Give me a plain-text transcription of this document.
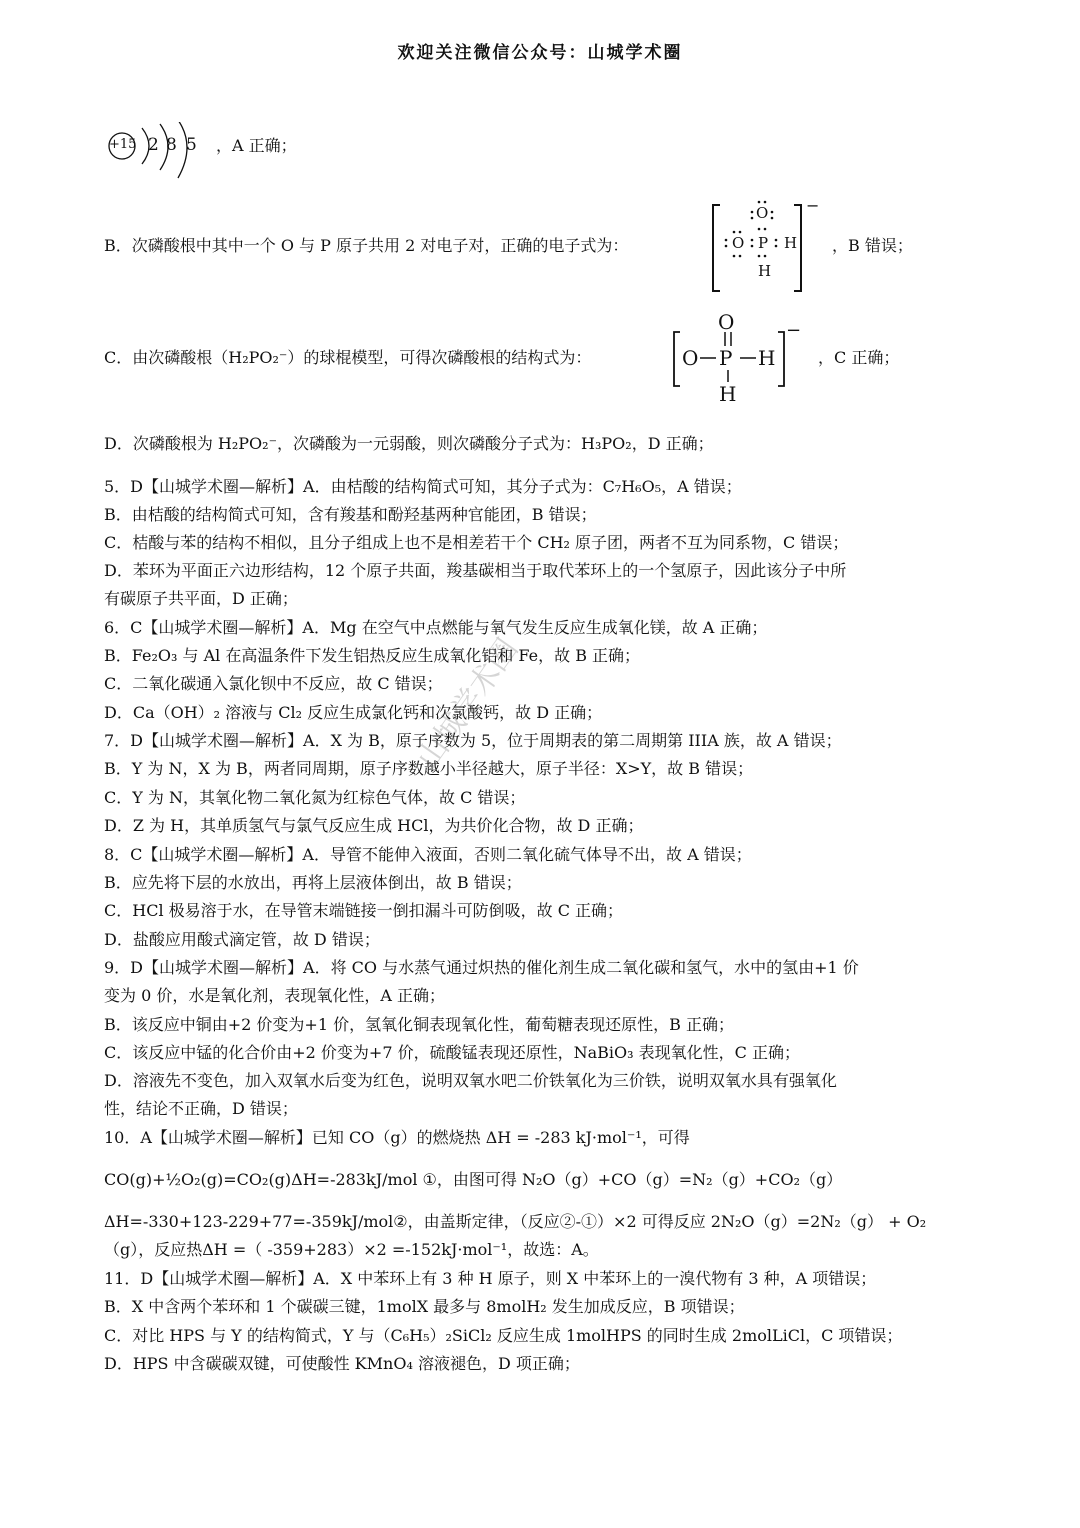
欢迎关注微信公众号：山城学术圈
山城学术圈
+15 2 8 5 ，A 正确；
B．次磷酸根中其中一个 O 与 P 原子共用 2 对电子对，正确的电子式为：
−
O
O P H
H
，B 错误；
C．由次磷酸根（H₂PO₂⁻）的球棍模型，可得次磷酸根的结构式为：
−
O
O P H
H
，C 正确；
D．次磷酸根为 H₂PO₂⁻，次磷酸为一元弱酸，则次磷酸分子式为：H₃PO₂，D 正确；
5．D【山城学术圈—解析】A．由桔酸的结构简式可知，其分子式为：C₇H₆O₅，A 错误；
B．由桔酸的结构简式可知，含有羧基和酚羟基两种官能团，B 错误；
C．桔酸与苯的结构不相似，且分子组成上也不是相差若干个 CH₂ 原子团，两者不互为同系物，C 错误；
D．苯环为平面正六边形结构，12 个原子共面，羧基碳相当于取代苯环上的一个氢原子，因此该分子中所
有碳原子共平面，D 正确；
6．C【山城学术圈—解析】A．Mg 在空气中点燃能与氧气发生反应生成氧化镁，故 A 正确；
B．Fe₂O₃ 与 Al 在高温条件下发生铝热反应生成氧化铝和 Fe，故 B 正确；
C．二氧化碳通入氯化钡中不反应，故 C 错误；
D．Ca（OH）₂ 溶液与 Cl₂ 反应生成氯化钙和次氯酸钙，故 D 正确；
7．D【山城学术圈—解析】A．X 为 B，原子序数为 5，位于周期表的第二周期第 IIIA 族，故 A 错误；
B．Y 为 N，X 为 B，两者同周期，原子序数越小半径越大，原子半径：X>Y，故 B 错误；
C．Y 为 N，其氧化物二氧化氮为红棕色气体，故 C 错误；
D．Z 为 H，其单质氢气与氯气反应生成 HCl，为共价化合物，故 D 正确；
8．C【山城学术圈—解析】A．导管不能伸入液面，否则二氧化硫气体导不出，故 A 错误；
B．应先将下层的水放出，再将上层液体倒出，故 B 错误；
C．HCl 极易溶于水，在导管末端链接一倒扣漏斗可防倒吸，故 C 正确；
D．盐酸应用酸式滴定管，故 D 错误；
9．D【山城学术圈—解析】A．将 CO 与水蒸气通过炽热的催化剂生成二氧化碳和氢气，水中的氢由+1 价
变为 0 价，水是氧化剂，表现氧化性，A 正确；
B．该反应中铜由+2 价变为+1 价，氢氧化铜表现氧化性，葡萄糖表现还原性，B 正确；
C．该反应中锰的化合价由+2 价变为+7 价，硫酸锰表现还原性，NaBiO₃ 表现氧化性，C 正确；
D．溶液先不变色，加入双氧水后变为红色，说明双氧水吧二价铁氧化为三价铁，说明双氧水具有强氧化
性，结论不正确，D 错误；
10．A【山城学术圈—解析】已知 CO（g）的燃烧热 ΔH = -283 kJ·mol⁻¹，可得
CO(g)+½O₂(g)=CO₂(g)ΔH=-283kJ/mol ①，由图可得 N₂O（g）+CO（g）=N₂（g）+CO₂（g）
ΔH=-330+123-229+77=-359kJ/mol②，由盖斯定律，（反应②-①）×2 可得反应 2N₂O（g）=2N₂（g） + O₂
（g），反应热ΔH =（ -359+283）×2 =-152kJ·mol⁻¹，故选：A。
11．D【山城学术圈—解析】A．X 中苯环上有 3 种 H 原子，则 X 中苯环上的一溴代物有 3 种，A 项错误；
B．X 中含两个苯环和 1 个碳碳三键，1molX 最多与 8molH₂ 发生加成反应，B 项错误；
C．对比 HPS 与 Y 的结构简式，Y 与（C₆H₅）₂SiCl₂ 反应生成 1molHPS 的同时生成 2molLiCl，C 项错误；
D．HPS 中含碳碳双键，可使酸性 KMnO₄ 溶液褪色，D 项正确；
